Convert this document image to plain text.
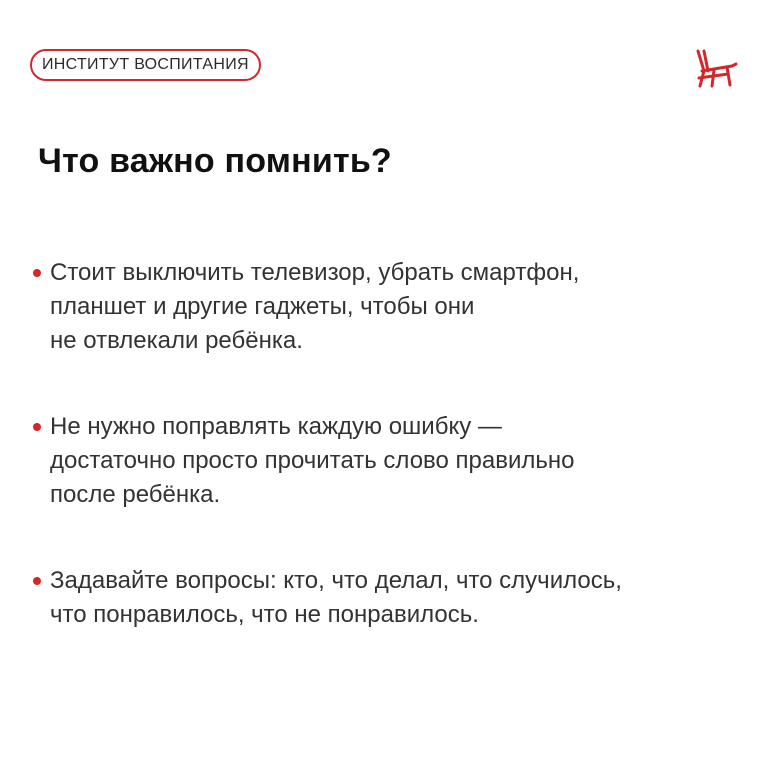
ИНСТИТУТ ВОСПИТАНИЯ
Что важно помнить?
Стоит выключить телевизор, убрать смартфон,
планшет и другие гаджеты, чтобы они
не отвлекали ребёнка.
Не нужно поправлять каждую ошибку —
достаточно просто прочитать слово правильно
после ребёнка.
Задавайте вопросы: кто, что делал, что случилось,
что понравилось, что не понравилось.
